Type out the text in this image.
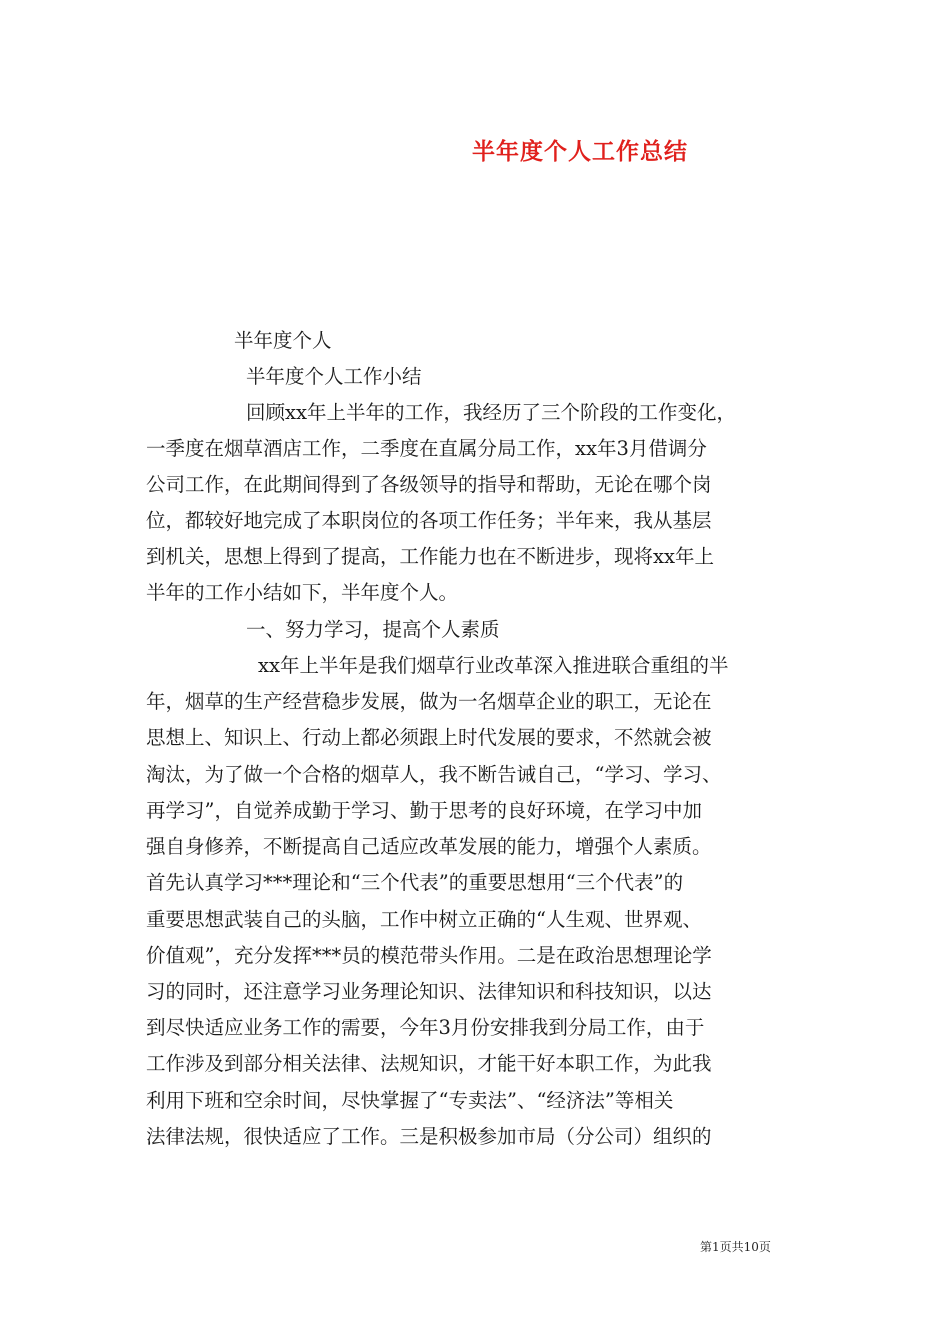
半年度个人工作总结
半年度个人
半年度个人工作小结
回顾xx年上半年的工作，我经历了三个阶段的工作变化，
一季度在烟草酒店工作，二季度在直属分局工作，xx年3月借调分
公司工作，在此期间得到了各级领导的指导和帮助，无论在哪个岗
位，都较好地完成了本职岗位的各项工作任务；半年来，我从基层
到机关，思想上得到了提高，工作能力也在不断进步，现将xx年上
半年的工作小结如下，半年度个人。
一、努力学习，提高个人素质
xx年上半年是我们烟草行业改革深入推进联合重组的半
年，烟草的生产经营稳步发展，做为一名烟草企业的职工，无论在
思想上、知识上、行动上都必须跟上时代发展的要求，不然就会被
淘汰，为了做一个合格的烟草人，我不断告诫自己，“学习、学习、
再学习”，自觉养成勤于学习、勤于思考的良好环境，在学习中加
强自身修养，不断提高自己适应改革发展的能力，增强个人素质。
首先认真学习***理论和“三个代表”的重要思想用“三个代表”的
重要思想武装自己的头脑，工作中树立正确的“人生观、世界观、
价值观”，充分发挥***员的模范带头作用。二是在政治思想理论学
习的同时，还注意学习业务理论知识、法律知识和科技知识，以达
到尽快适应业务工作的需要，今年3月份安排我到分局工作，由于
工作涉及到部分相关法律、法规知识，才能干好本职工作，为此我
利用下班和空余时间，尽快掌握了“专卖法”、“经济法”等相关
法律法规，很快适应了工作。三是积极参加市局（分公司）组织的
第1页共10页
